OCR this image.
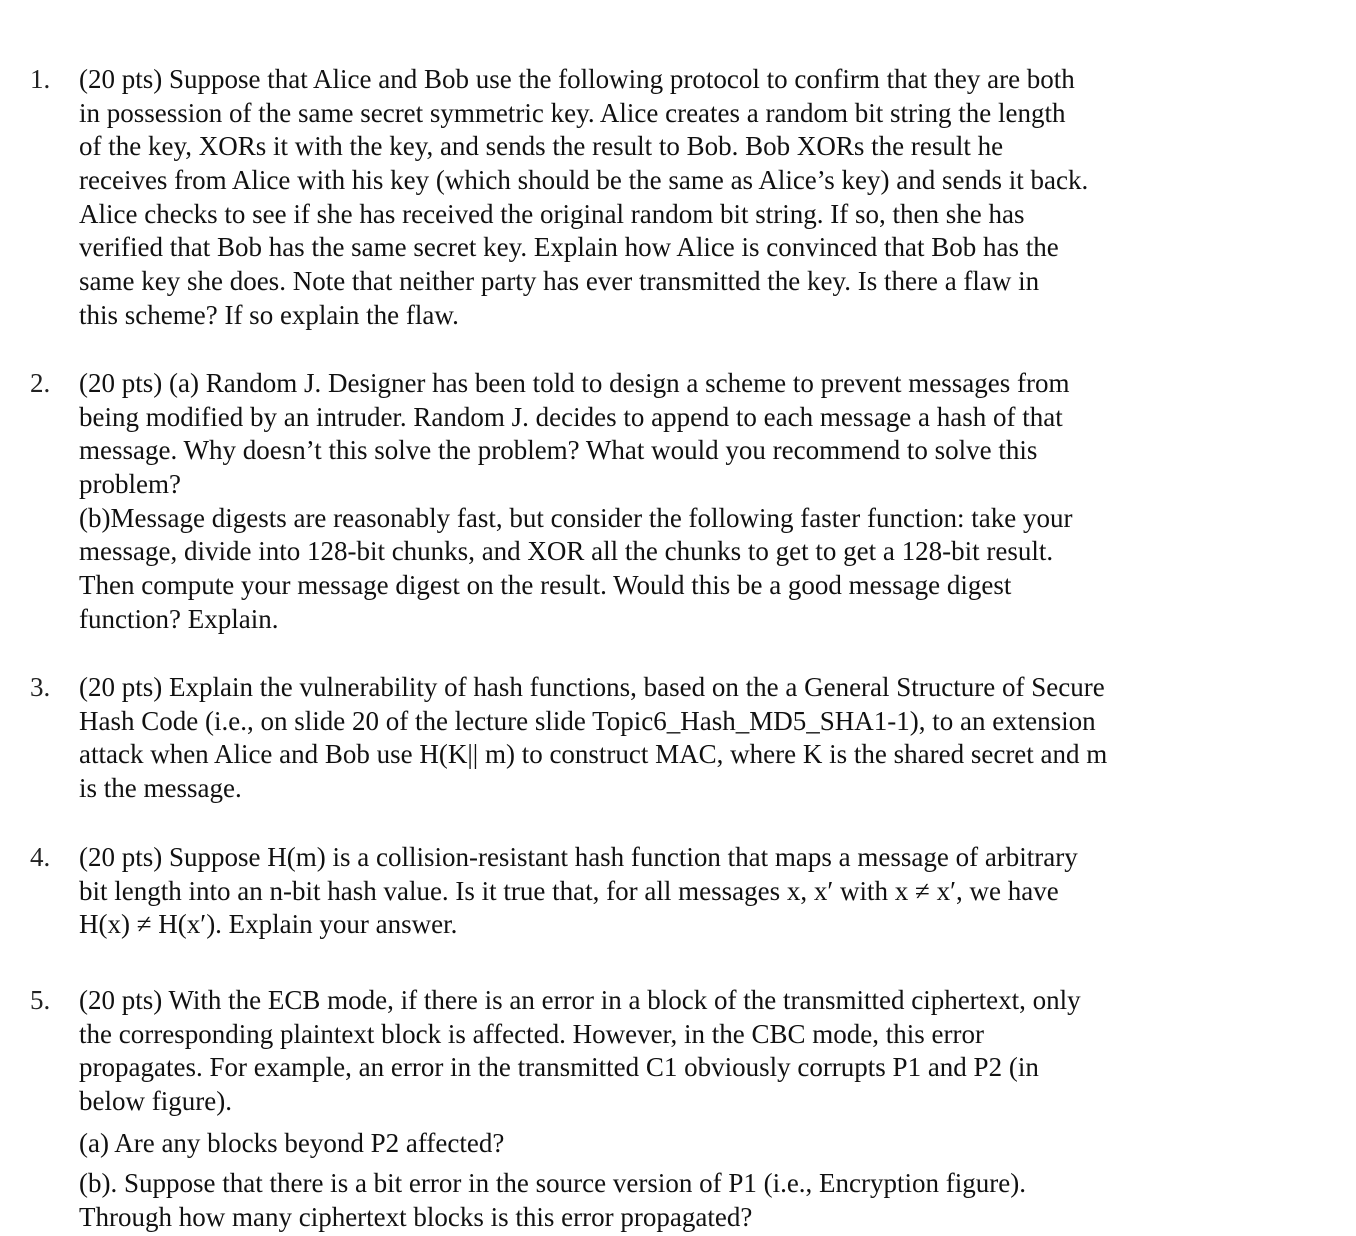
1. (20 pts) Suppose that Alice and Bob use the following protocol to confirm that they are both
in possession of the same secret symmetric key. Alice creates a random bit string the length
of the key, XORs it with the key, and sends the result to Bob. Bob XORs the result he
receives from Alice with his key (which should be the same as Alice’s key) and sends it back.
Alice checks to see if she has received the original random bit string. If so, then she has
verified that Bob has the same secret key. Explain how Alice is convinced that Bob has the
same key she does. Note that neither party has ever transmitted the key. Is there a flaw in
this scheme? If so explain the flaw.
2. (20 pts) (a) Random J. Designer has been told to design a scheme to prevent messages from
being modified by an intruder. Random J. decides to append to each message a hash of that
message. Why doesn’t this solve the problem? What would you recommend to solve this
problem?
(b)Message digests are reasonably fast, but consider the following faster function: take your
message, divide into 128-bit chunks, and XOR all the chunks to get to get a 128-bit result.
Then compute your message digest on the result. Would this be a good message digest
function? Explain.
3. (20 pts) Explain the vulnerability of hash functions, based on the a General Structure of Secure
Hash Code (i.e., on slide 20 of the lecture slide Topic6_Hash_MD5_SHA1-1), to an extension
attack when Alice and Bob use H(K|| m) to construct MAC, where K is the shared secret and m
is the message.
4. (20 pts) Suppose H(m) is a collision-resistant hash function that maps a message of arbitrary
bit length into an n-bit hash value. Is it true that, for all messages x, x′ with x ≠ x′, we have
H(x) ≠ H(x′). Explain your answer.
5. (20 pts) With the ECB mode, if there is an error in a block of the transmitted ciphertext, only
the corresponding plaintext block is affected. However, in the CBC mode, this error
propagates. For example, an error in the transmitted C1 obviously corrupts P1 and P2 (in
below figure).
(a) Are any blocks beyond P2 affected?
(b). Suppose that there is a bit error in the source version of P1 (i.e., Encryption figure).
Through how many ciphertext blocks is this error propagated?
